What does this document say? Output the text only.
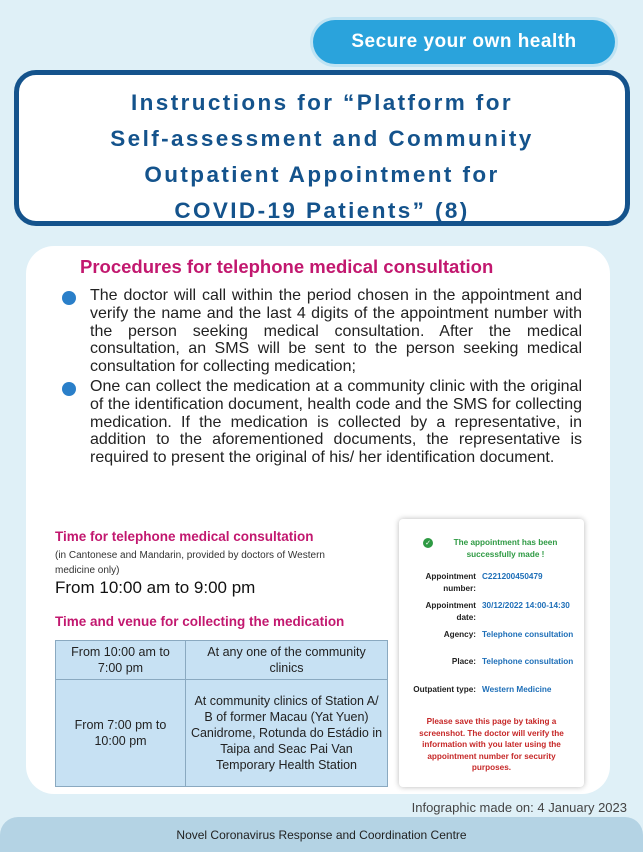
Secure your own health
Instructions for “Platform for
Self-assessment and Community
Outpatient Appointment for
COVID-19 Patients” (8)
Procedures for telephone medical consultation
The doctor will call within the period chosen in the appointment and verify the name and the last 4 digits of the appointment number with the person seeking medical consultation. After the medical consultation, an SMS will be sent to the person seeking medical consultation for collecting medication;
One can collect the medication at a community clinic with the original of the identification document, health code and the SMS for collecting medication. If the medication is collected by a representative, in addition to the aforementioned documents, the representative is required to present the original of his/ her identification document.
Time for telephone medical consultation
(in Cantonese and Mandarin, provided by doctors of Western medicine only)
From 10:00 am to 9:00 pm
Time and venue for collecting the medication
From 10:00 am to 7:00 pm	At any one of the community clinics
From 7:00 pm to 10:00 pm	At community clinics of Station A/ B of former Macau (Yat Yuen) Canidrome, Rotunda do Estádio in Taipa and Seac Pai Van Temporary Health Station
✓	The appointment has been successfully made !
Appointment number:
C221200450479
Appointment date:
30/12/2022 14:00-14:30
Agency: Telephone consultation
Place: Telephone consultation
Outpatient type: Western Medicine
Please save this page by taking a screenshot. The doctor will verify the information with you later using the appointment number for security purposes.
Infographic made on: 4 January 2023
Novel Coronavirus Response and Coordination Centre
